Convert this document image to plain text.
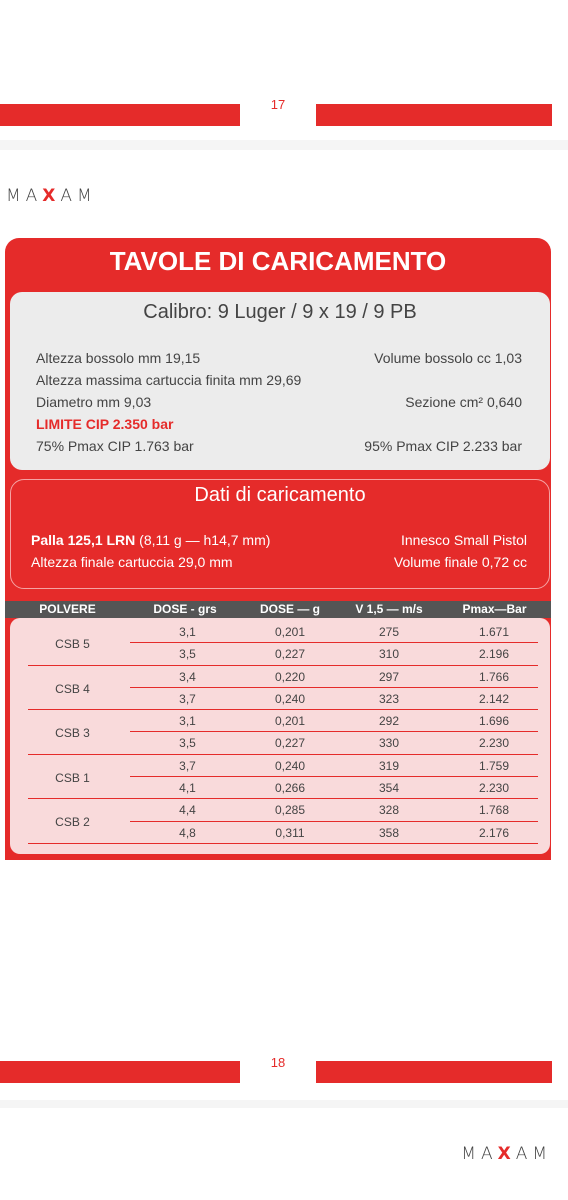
17
MAXAM
TAVOLE DI CARICAMENTO
Calibro: 9 Luger / 9 x 19 / 9 PB
Altezza bossolo mm 19,15	Volume bossolo cc 1,03
Altezza massima cartuccia finita mm 29,69
Diametro mm 9,03	Sezione cm² 0,640
LIMITE CIP 2.350 bar
75% Pmax CIP 1.763 bar	95% Pmax CIP 2.233 bar
Dati di caricamento
Palla 125,1 LRN (8,11 g — h14,7 mm)	Innesco Small Pistol
Altezza finale cartuccia 29,0 mm	Volume finale 0,72 cc
POLVERE	DOSE - grs	DOSE — g	V 1,5 — m/s	Pmax—Bar
CSB 5
3,1	0,201	275	1.671
3,5	0,227	310	2.196
CSB 4
3,4	0,220	297	1.766
3,7	0,240	323	2.142
CSB 3
3,1	0,201	292	1.696
3,5	0,227	330	2.230
CSB 1
3,7	0,240	319	1.759
4,1	0,266	354	2.230
CSB 2
4,4	0,285	328	1.768
4,8	0,311	358	2.176
18
MAXAM
